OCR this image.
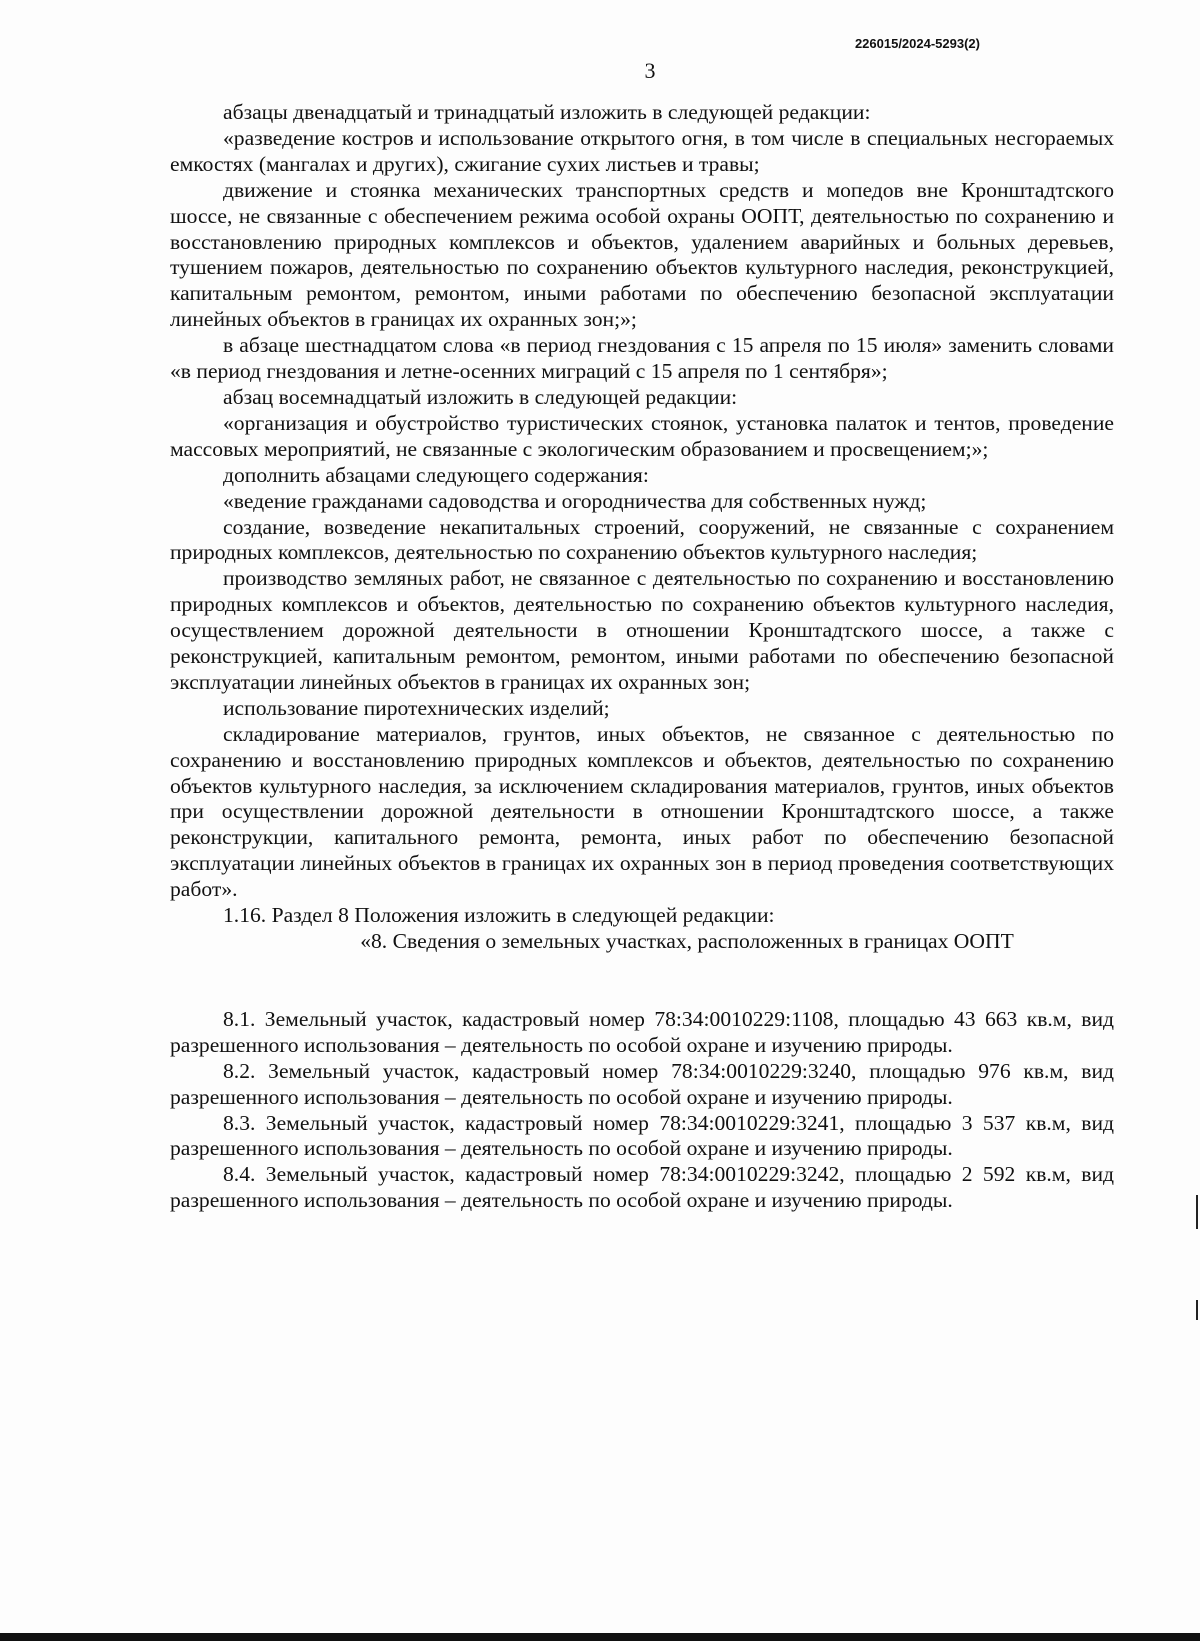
226015/2024-5293(2)
3

абзацы двенадцатый и тринадцатый изложить в следующей редакции:

«разведение костров и использование открытого огня, в том числе в специальных несгораемых емкостях (мангалах и других), сжигание сухих листьев и травы;

движение и стоянка механических транспортных средств и мопедов вне Кронштадтского шоссе, не связанные с обеспечением режима особой охраны ООПТ, деятельностью по сохранению и восстановлению природных комплексов и объектов, удалением аварийных и больных деревьев, тушением пожаров, деятельностью по сохранению объектов культурного наследия, реконструкцией, капитальным ремонтом, ремонтом, иными работами по обеспечению безопасной эксплуатации линейных объектов в границах их охранных зон;»;

в абзаце шестнадцатом слова «в период гнездования с 15 апреля по 15 июля» заменить словами «в период гнездования и летне-осенних миграций с 15 апреля по 1 сентября»;

абзац восемнадцатый изложить в следующей редакции:

«организация и обустройство туристических стоянок, установка палаток и тентов, проведение массовых мероприятий, не связанные с экологическим образованием и просвещением;»;

дополнить абзацами следующего содержания:

«ведение гражданами садоводства и огородничества для собственных нужд;

создание, возведение некапитальных строений, сооружений, не связанные с сохранением природных комплексов, деятельностью по сохранению объектов культурного наследия;

производство земляных работ, не связанное с деятельностью по сохранению и восстановлению природных комплексов и объектов, деятельностью по сохранению объектов культурного наследия, осуществлением дорожной деятельности в отношении Кронштадтского шоссе, а также с реконструкцией, капитальным ремонтом, ремонтом, иными работами по обеспечению безопасной эксплуатации линейных объектов в границах их охранных зон;

использование пиротехнических изделий;

складирование материалов, грунтов, иных объектов, не связанное с деятельностью по сохранению и восстановлению природных комплексов и объектов, деятельностью по сохранению объектов культурного наследия, за исключением складирования материалов, грунтов, иных объектов при осуществлении дорожной деятельности в отношении Кронштадтского шоссе, а также реконструкции, капитального ремонта, ремонта, иных работ по обеспечению безопасной эксплуатации линейных объектов в границах их охранных зон в период проведения соответствующих работ».

1.16. Раздел 8 Положения изложить в следующей редакции:

«8. Сведения о земельных участках, расположенных в границах ООПТ

8.1. Земельный участок, кадастровый номер 78:34:0010229:1108, площадью 43 663 кв.м, вид разрешенного использования – деятельность по особой охране и изучению природы.

8.2. Земельный участок, кадастровый номер 78:34:0010229:3240, площадью 976 кв.м, вид разрешенного использования – деятельность по особой охране и изучению природы.

8.3. Земельный участок, кадастровый номер 78:34:0010229:3241, площадью 3 537 кв.м, вид разрешенного использования – деятельность по особой охране и изучению природы.

8.4. Земельный участок, кадастровый номер 78:34:0010229:3242, площадью 2 592 кв.м, вид разрешенного использования – деятельность по особой охране и изучению природы.
